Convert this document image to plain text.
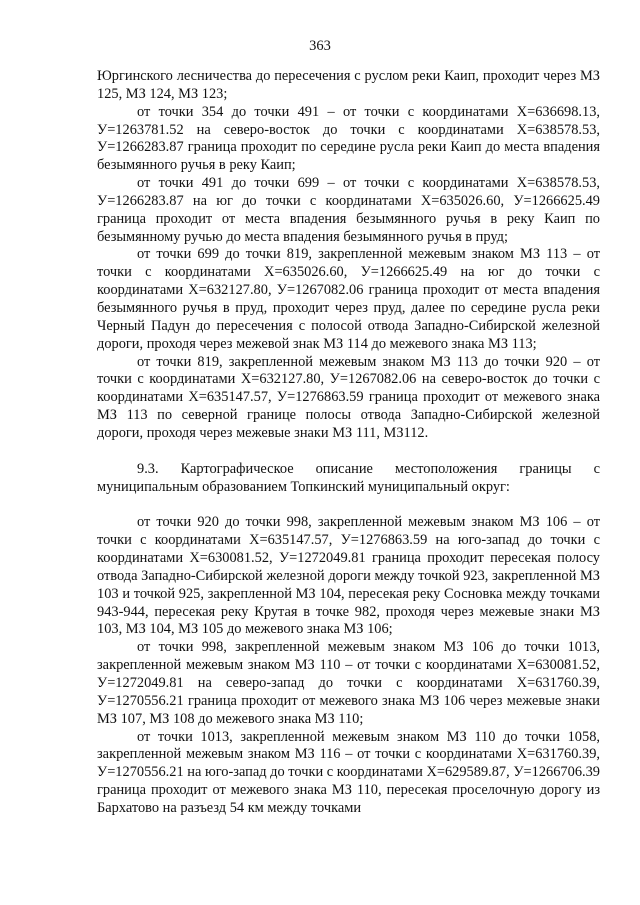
363

Юргинского лесничества до пересечения с руслом реки Каип, проходит через МЗ 125, МЗ 124, МЗ 123;

от точки 354 до точки 491 – от точки с координатами Х=636698.13, У=1263781.52 на северо-восток до точки с координатами Х=638578.53, У=1266283.87 граница проходит по середине русла реки Каип до места впадения безымянного ручья в реку Каип;

от точки 491 до точки 699 – от точки с координатами Х=638578.53, У=1266283.87 на юг до точки с координатами Х=635026.60, У=1266625.49 граница проходит от места впадения безымянного ручья в реку Каип по безымянному ручью до места впадения безымянного ручья в пруд;

от точки 699 до точки 819, закрепленной межевым знаком МЗ 113 – от точки с координатами Х=635026.60, У=1266625.49 на юг до точки с координатами Х=632127.80, У=1267082.06 граница проходит от места впадения безымянного ручья в пруд, проходит через пруд, далее по середине русла реки Черный Падун до пересечения с полосой отвода Западно-Сибирской железной дороги, проходя через межевой знак МЗ 114 до межевого знака МЗ 113;

от точки 819, закрепленной межевым знаком МЗ 113 до точки 920 – от точки с координатами Х=632127.80, У=1267082.06 на северо-восток до точки с координатами Х=635147.57, У=1276863.59 граница проходит от межевого знака МЗ 113 по северной границе полосы отвода Западно-Сибирской железной дороги, проходя через межевые знаки МЗ 111, МЗ112.

9.3. Картографическое описание местоположения границы с муниципальным образованием Топкинский муниципальный округ:

от точки 920 до точки 998, закрепленной межевым знаком МЗ 106 – от точки с координатами Х=635147.57, У=1276863.59 на юго-запад до точки с координатами Х=630081.52, У=1272049.81 граница проходит пересекая полосу отвода Западно-Сибирской железной дороги между точкой 923, закрепленной МЗ 103 и точкой 925, закрепленной МЗ 104, пересекая реку Сосновка между точками 943-944, пересекая реку Крутая в точке 982, проходя через межевые знаки МЗ 103, МЗ 104, МЗ 105 до межевого знака МЗ 106;

от точки 998, закрепленной межевым знаком МЗ 106 до точки 1013, закрепленной межевым знаком МЗ 110 – от точки с координатами Х=630081.52, У=1272049.81 на северо-запад до точки с координатами Х=631760.39, У=1270556.21 граница проходит от межевого знака МЗ 106 через межевые знаки МЗ 107, МЗ 108 до межевого знака МЗ 110;

от точки 1013, закрепленной межевым знаком МЗ 110 до точки 1058, закрепленной межевым знаком МЗ 116 – от точки с координатами Х=631760.39, У=1270556.21 на юго-запад до точки с координатами Х=629589.87, У=1266706.39 граница проходит от межевого знака МЗ 110, пересекая проселочную дорогу из Бархатово на разъезд 54 км между точками
